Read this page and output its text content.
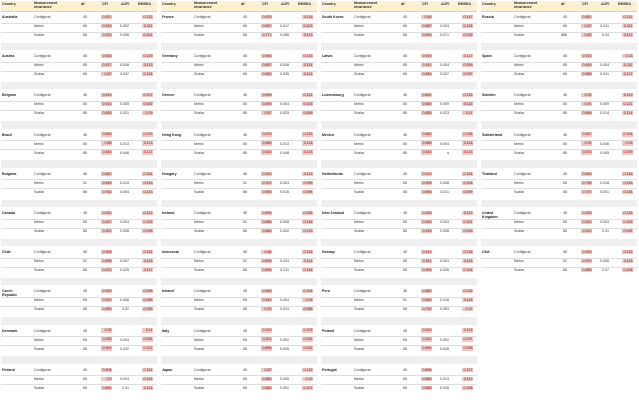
Country	Measurement
invariance
df.	CFI	ΔCFI RMSEA
Australia	Configural	45	0.921	0.132
Metric	65	0.919	0.002	0.111
Scalar	85	0.913	0.006	0.101
Austria	Configural	45	0.925	0.129
Metric	65	0.917	0.008	0.113
Scalar	85	0.87	0.047	0.124
Belgium	Configural	45	0.919	0.107
Metric	65	0.914	0.005	0.092
Scalar	85	0.893	0.021	0.09
Brazil	Configural	45	0.893	0.129
Metric	65	0.88	0.013	0.113
Scalar	85	0.834	0.046	0.117
Bulgaria	Configural	36	0.837	0.161
Metric	51	0.818	0.019	0.143
Scalar	66	0.764	0.054	0.143
Canada	Configural	45	0.931	0.122
Metric	65	0.927	0.004	0.105
Scalar	85	0.921	0.006	0.095
Chile	Configural	36	0.906	0.131
Metric	51	0.898	0.007	0.116
Scalar	66	0.873	0.025	0.117
Czech Republic
Configural	45	0.925	0.098
Metric	65	0.919	0.006	0.085
Scalar	85	0.899	0.02	0.083
Denmark	Configural	45	0.94	0.11
Metric	65	0.936	0.004	0.094
Scalar	85	0.902	0.032	0.102
Finland	Configural	45	0.904	0.141
Metric	65	0.9	0.004	0.124
Scalar	85	0.891	0.01	0.114
Country	Measurement
invariance
df.	CFI	ΔCFI RMSEA
France	Configural	45	0.875	0.116
Metric	65	0.857	0.017	0.103
Scalar	85	0.771	0.086	0.113
Germany	Configural	45	0.905	0.133
Metric	65	0.897	0.008	0.114
Scalar	85	0.862	0.035	0.114
Greece	Configural	45	0.899	0.121
Metric	65	0.895	0.004	0.103
Scalar	85	0.87	0.025	0.099
Hong Kong	Configural	45	0.875	0.133
Metric	65	0.863	0.013	0.116
Scalar	85	0.815	0.048	0.118
Hungary	Configural	36	0.924	0.115
Metric	51	0.921	0.003	0.099
Scalar	66	0.905	0.016	0.094
Iceland	Configural	36	0.894	0.168
Metric	51	0.886	0.008	0.146
Scalar	66	0.884	0.002	0.129
Indonesia	Configural	36	0.84	0.124
Metric	51	0.806	0.034	0.114
Scalar	66	0.695	0.211	0.144
Ireland	Configural	45	0.948	0.104
Metric	65	0.944	0.004	0.09
Scalar	85	0.93	0.014	0.088
Italy	Configural	45	0.923	0.105
Metric	65	0.921	0.002	0.092
Scalar	85	0.896	0.025	0.092
Japan	Configural	45	0.87	0.142
Metric	65	0.865	0.005	0.12
Scalar	85	0.863	0.002	0.107
Country	Measurement
invariance
df.	CFI	ΔCFI RMSEA
South Korea	Configural	45	0.89	0.147
Metric	65	0.887	0.003	0.124
Scalar	85	0.816	0.071	0.139
Latvia	Configural	45	0.915	0.117
Metric	65	0.911	0.004	0.099
Scalar	85	0.884	0.027	0.097
Luxembourg	Configural	45	0.891	0.133
Metric	65	0.882	0.009	0.115
Scalar	85	0.858	0.023	0.11
Mexico	Configural	45	0.862	0.138
Metric	65	0.858	0.004	0.118
Scalar	85	0.843	s	0.116
Netherlands	Configural	45	0.913	0.124
Metric	65	0.908	0.006	0.106
Scalar	85	0.896	0.011	0.099
New Zealand	Configural	45	0.928	0.119
Metric	65	0.926	0.003	0.101
Scalar	85	0.918	0.008	0.093
Norway	Configural	45	0.914	0.136
Metric	65	0.911	0.003	0.116
Scalar	85	0.905	0.006	0.104
Peru	Configural	36	0.862	0.132
Metric	51	0.845	0.018	0.118
Scalar	66	0.792	0.053	0.12
Poland	Configural	45	0.924	0.115
Metric	65	0.922	0.002	0.097
Scalar	85	0.894	0.028	0.099
Portugal	Configural	45	0.896	0.127
Metric	65	0.884	0.013	0.112
Scalar	85	0.858	0.026	0.108
Country	Measurement
invariance
df.	CFI	ΔCFI RMSEA
Russia	Configural	45	0.881	0.131
Metric	65	0.87	0.011	0.111
Scalar	885	0.83	0.04	0.112
Spain	Configural	45	0.913	0.13
Metric	65	0.909	0.004	0.111
Scalar	85	0.868	0.041	0.117
Sweden	Configural	45	0.92	0.119
Metric	65	0.91	0.009	0.121
Scalar	85	0.896	0.014	0.114
Switzerland	Configural	45	0.927	0.104
Metric	65	0.92	0.006	0.09
Scalar	85	0.875	0.045	0.099
Thailand	Configural	45	0.816	0.146
Metric	65	0.798	0.018	0.126
Scalar	85	0.797	0.001	0.134
United Kingdom
Configural	45	0.925	0.126
Metric	65	0.922	0.003	0.105
Scalar	85	0.922	0.01	0.092
USA	Configural	36	0.925	0.133
Metric	51	0.919	0.006	0.116
Scalar	66	0.889	0.07	0.108
